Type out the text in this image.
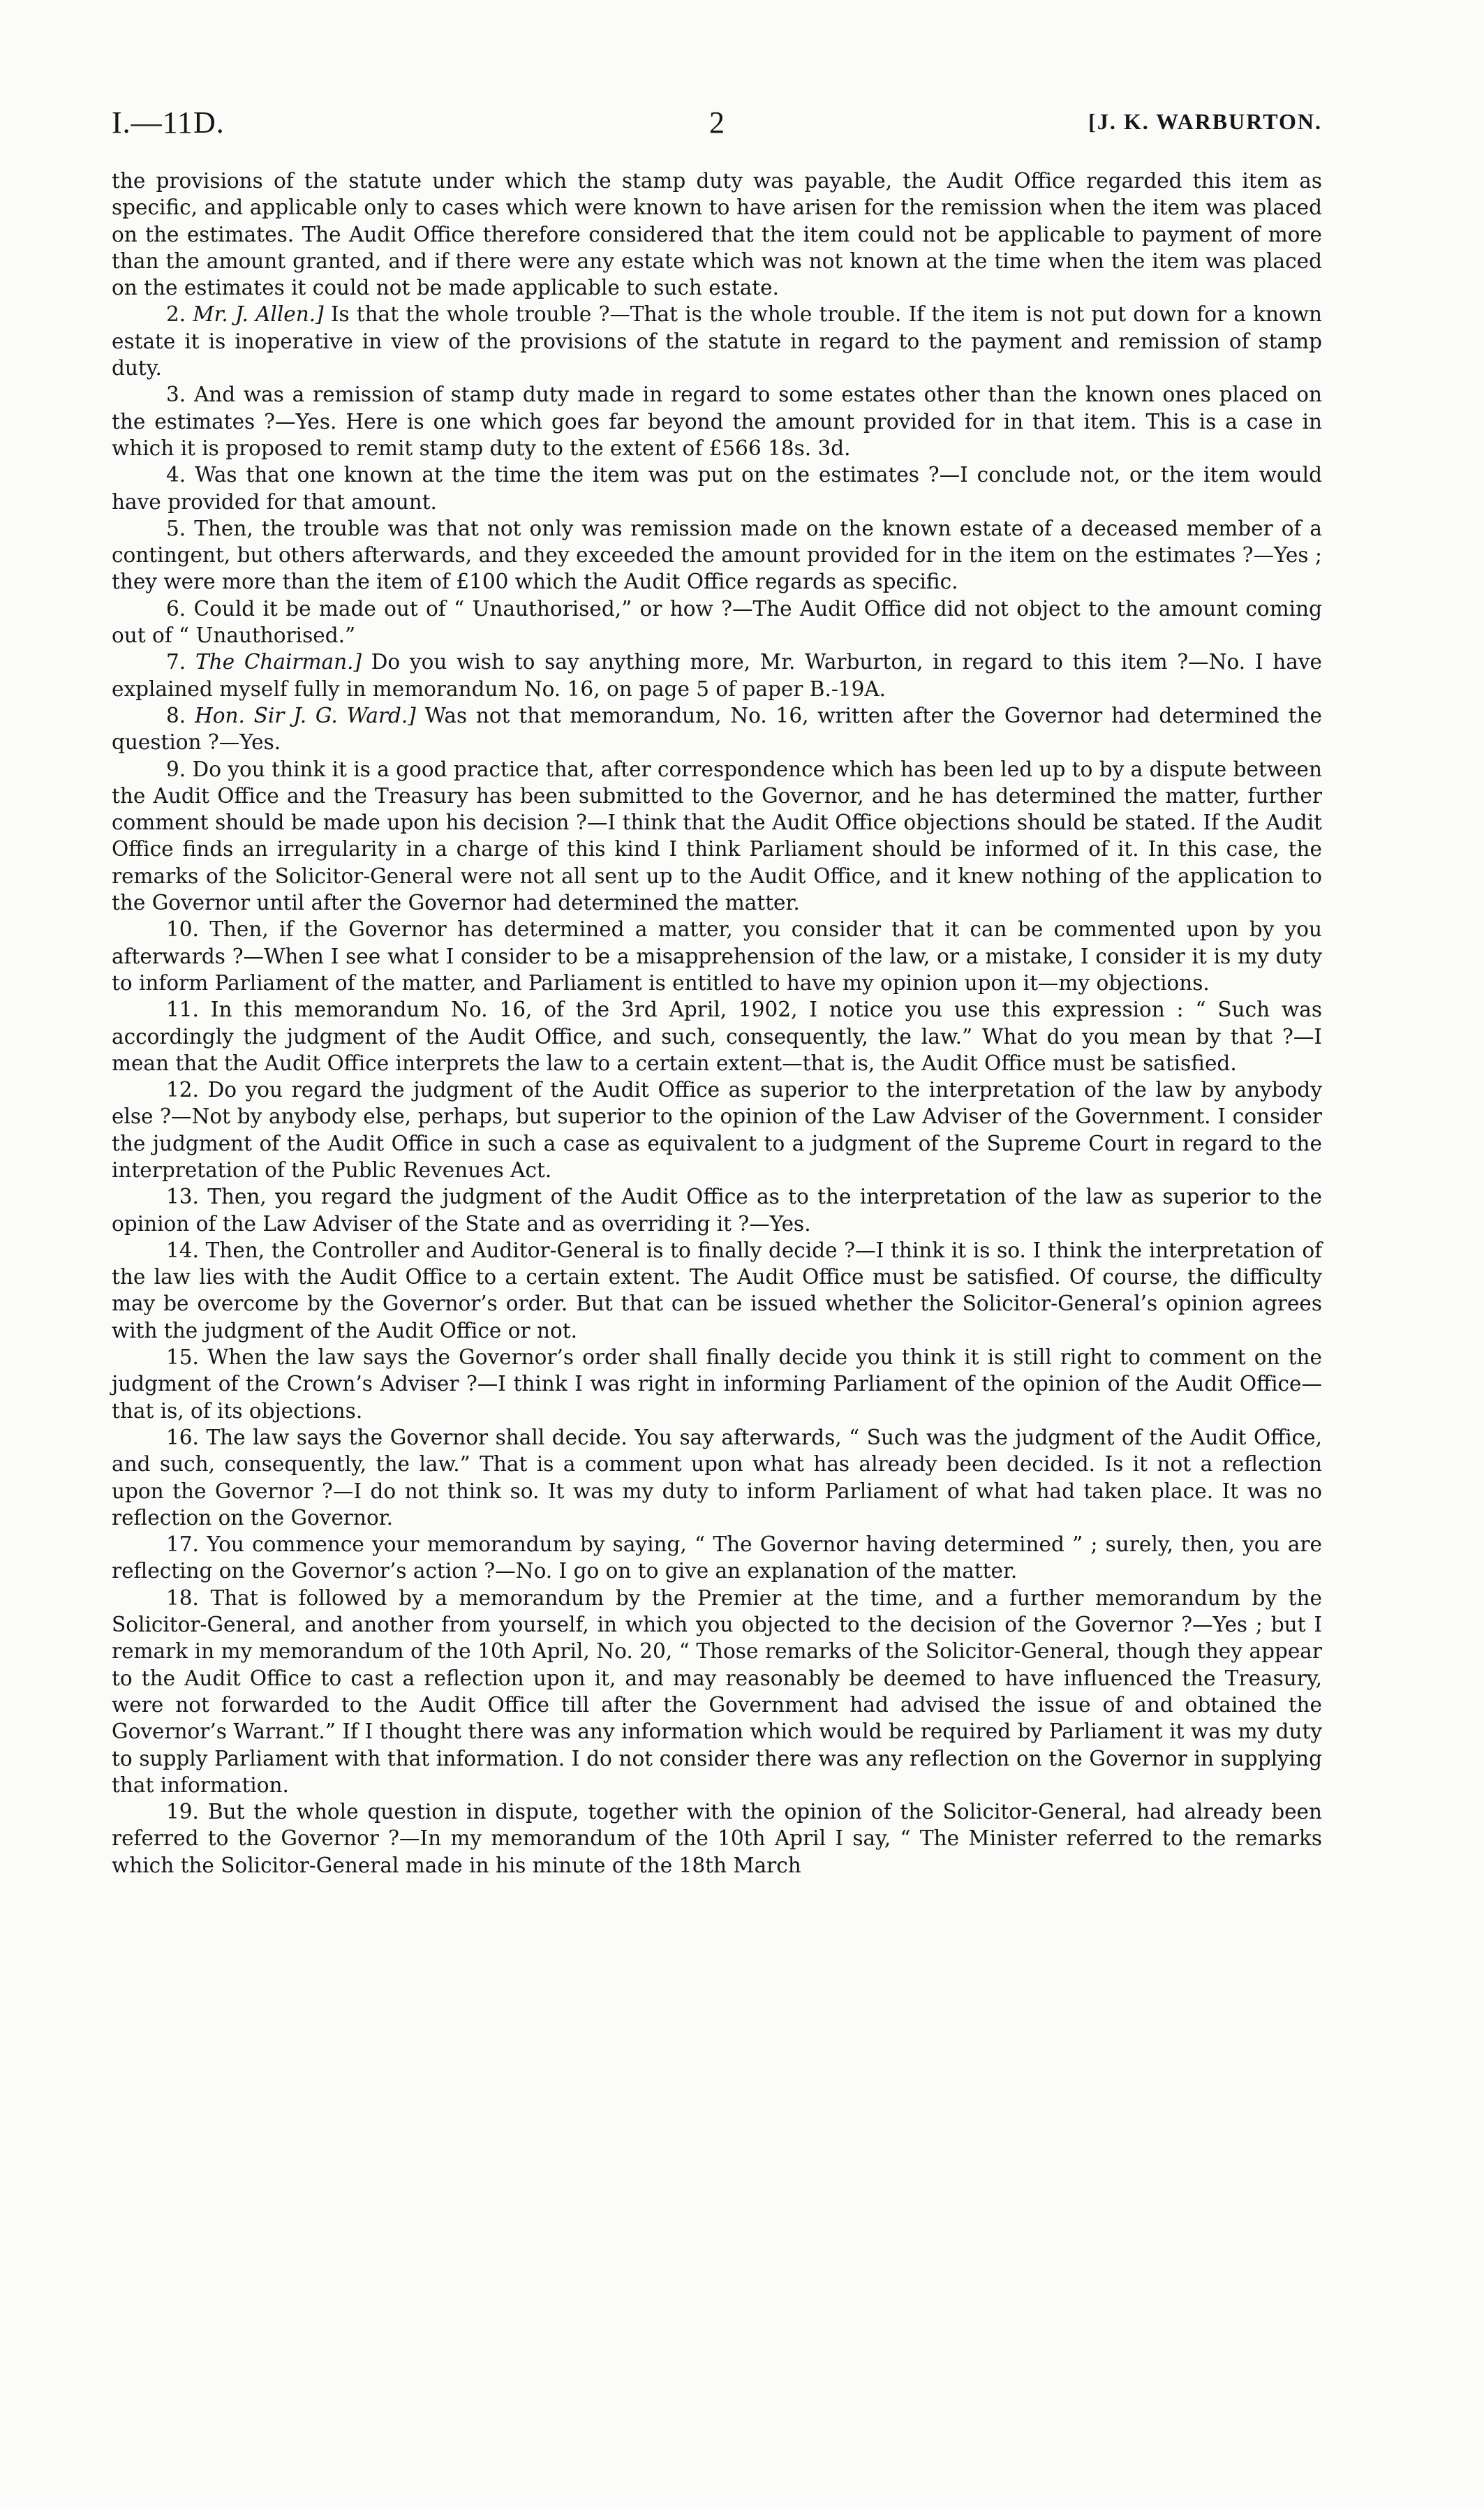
I.—11D.	2	[J. K. WARBURTON.

the provisions of the statute under which the stamp duty was payable, the Audit Office regarded this item as specific, and applicable only to cases which were known to have arisen for the remission when the item was placed on the estimates. The Audit Office therefore considered that the item could not be applicable to payment of more than the amount granted, and if there were any estate which was not known at the time when the item was placed on the estimates it could not be made applicable to such estate.

2. Mr. J. Allen.] Is that the whole trouble ?—That is the whole trouble. If the item is not put down for a known estate it is inoperative in view of the provisions of the statute in regard to the payment and remission of stamp duty.

3. And was a remission of stamp duty made in regard to some estates other than the known ones placed on the estimates ?—Yes. Here is one which goes far beyond the amount provided for in that item. This is a case in which it is proposed to remit stamp duty to the extent of £566 18s. 3d.

4. Was that one known at the time the item was put on the estimates ?—I conclude not, or the item would have provided for that amount.

5. Then, the trouble was that not only was remission made on the known estate of a deceased member of a contingent, but others afterwards, and they exceeded the amount provided for in the item on the estimates ?—Yes ; they were more than the item of £100 which the Audit Office regards as specific.

6. Could it be made out of “ Unauthorised,” or how ?—The Audit Office did not object to the amount coming out of “ Unauthorised.”

7. The Chairman.] Do you wish to say anything more, Mr. Warburton, in regard to this item ?—No. I have explained myself fully in memorandum No. 16, on page 5 of paper B.-19A.

8. Hon. Sir J. G. Ward.] Was not that memorandum, No. 16, written after the Governor had determined the question ?—Yes.

9. Do you think it is a good practice that, after correspondence which has been led up to by a dispute between the Audit Office and the Treasury has been submitted to the Governor, and he has determined the matter, further comment should be made upon his decision ?—I think that the Audit Office objections should be stated. If the Audit Office finds an irregularity in a charge of this kind I think Parliament should be informed of it. In this case, the remarks of the Solicitor-General were not all sent up to the Audit Office, and it knew nothing of the application to the Governor until after the Governor had determined the matter.

10. Then, if the Governor has determined a matter, you consider that it can be commented upon by you afterwards ?—When I see what I consider to be a misapprehension of the law, or a mistake, I consider it is my duty to inform Parliament of the matter, and Parliament is entitled to have my opinion upon it—my objections.

11. In this memorandum No. 16, of the 3rd April, 1902, I notice you use this expression : “ Such was accordingly the judgment of the Audit Office, and such, consequently, the law.” What do you mean by that ?—I mean that the Audit Office interprets the law to a certain extent—that is, the Audit Office must be satisfied.

12. Do you regard the judgment of the Audit Office as superior to the interpretation of the law by anybody else ?—Not by anybody else, perhaps, but superior to the opinion of the Law Adviser of the Government. I consider the judgment of the Audit Office in such a case as equivalent to a judgment of the Supreme Court in regard to the interpretation of the Public Revenues Act.

13. Then, you regard the judgment of the Audit Office as to the interpretation of the law as superior to the opinion of the Law Adviser of the State and as overriding it ?—Yes.

14. Then, the Controller and Auditor-General is to finally decide ?—I think it is so. I think the interpretation of the law lies with the Audit Office to a certain extent. The Audit Office must be satisfied. Of course, the difficulty may be overcome by the Governor’s order. But that can be issued whether the Solicitor-General’s opinion agrees with the judgment of the Audit Office or not.

15. When the law says the Governor’s order shall finally decide you think it is still right to comment on the judgment of the Crown’s Adviser ?—I think I was right in informing Parliament of the opinion of the Audit Office—that is, of its objections.

16. The law says the Governor shall decide. You say afterwards, “ Such was the judgment of the Audit Office, and such, consequently, the law.” That is a comment upon what has already been decided. Is it not a reflection upon the Governor ?—I do not think so. It was my duty to inform Parliament of what had taken place. It was no reflection on the Governor.

17. You commence your memorandum by saying, “ The Governor having determined ” ; surely, then, you are reflecting on the Governor’s action ?—No. I go on to give an explanation of the matter.

18. That is followed by a memorandum by the Premier at the time, and a further memorandum by the Solicitor-General, and another from yourself, in which you objected to the decision of the Governor ?—Yes ; but I remark in my memorandum of the 10th April, No. 20, “ Those remarks of the Solicitor-General, though they appear to the Audit Office to cast a reflection upon it, and may reasonably be deemed to have influenced the Treasury, were not forwarded to the Audit Office till after the Government had advised the issue of and obtained the Governor’s Warrant.” If I thought there was any information which would be required by Parliament it was my duty to supply Parliament with that information. I do not consider there was any reflection on the Governor in supplying that information.

19. But the whole question in dispute, together with the opinion of the Solicitor-General, had already been referred to the Governor ?—In my memorandum of the 10th April I say, “ The Minister referred to the remarks which the Solicitor-General made in his minute of the 18th March
